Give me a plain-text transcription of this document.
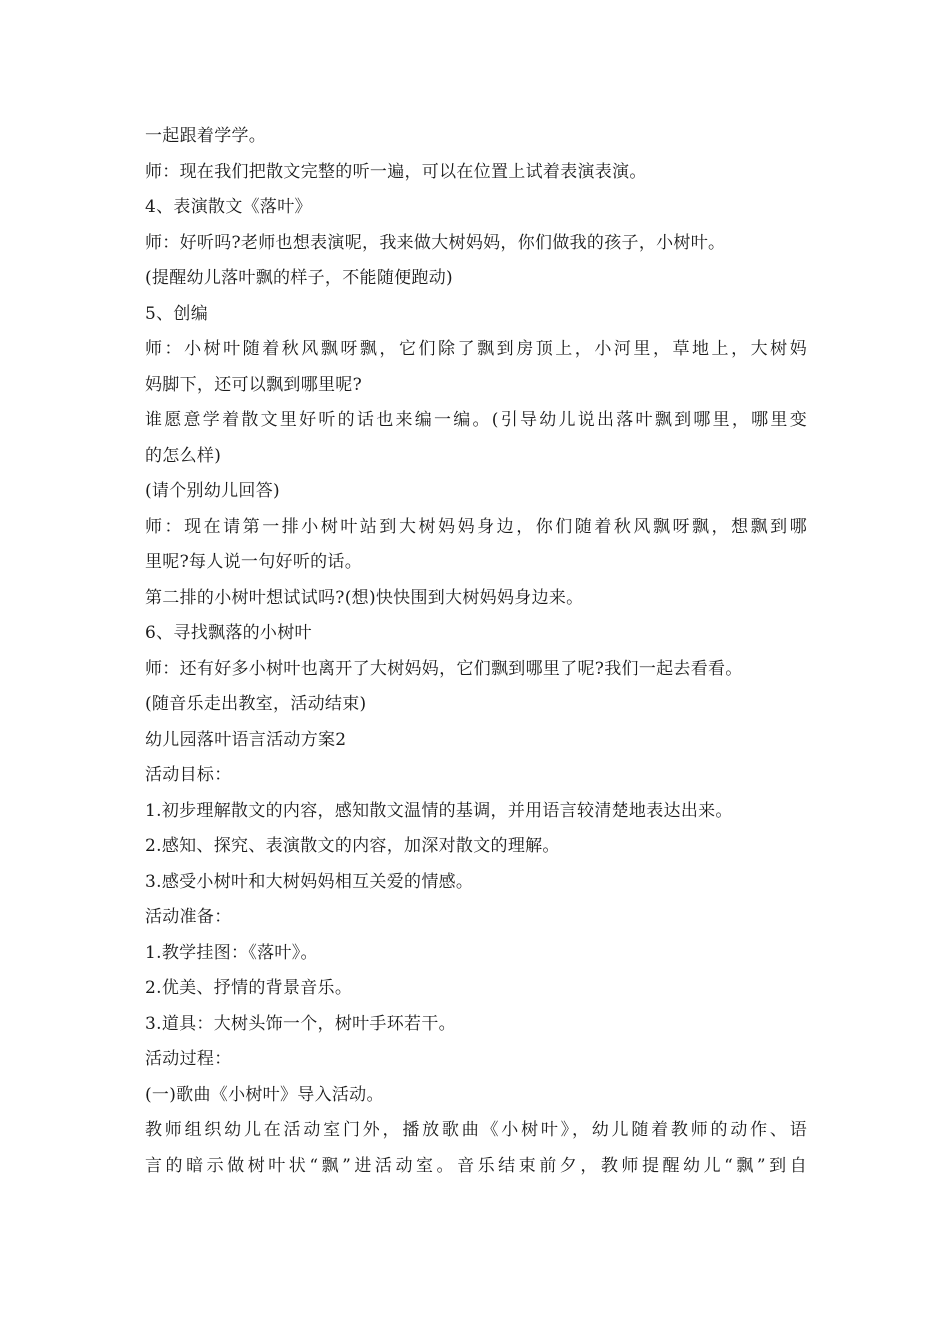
一起跟着学学。
师：现在我们把散文完整的听一遍，可以在位置上试着表演表演。
4、表演散文《落叶》
师：好听吗?老师也想表演呢，我来做大树妈妈，你们做我的孩子，小树叶。
(提醒幼儿落叶飘的样子，不能随便跑动)
5、创编
师：小树叶随着秋风飘呀飘，它们除了飘到房顶上，小河里，草地上，大树妈
妈脚下，还可以飘到哪里呢?
谁愿意学着散文里好听的话也来编一编。(引导幼儿说出落叶飘到哪里，哪里变
的怎么样)
(请个别幼儿回答)
师：现在请第一排小树叶站到大树妈妈身边，你们随着秋风飘呀飘，想飘到哪
里呢?每人说一句好听的话。
第二排的小树叶想试试吗?(想)快快围到大树妈妈身边来。
6、寻找飘落的小树叶
师：还有好多小树叶也离开了大树妈妈，它们飘到哪里了呢?我们一起去看看。
(随音乐走出教室，活动结束)
幼儿园落叶语言活动方案2
活动目标：
1.初步理解散文的内容，感知散文温情的基调，并用语言较清楚地表达出来。
2.感知、探究、表演散文的内容，加深对散文的理解。
3.感受小树叶和大树妈妈相互关爱的情感。
活动准备：
1.教学挂图：《落叶》。
2.优美、抒情的背景音乐。
3.道具：大树头饰一个，树叶手环若干。
活动过程：
(一)歌曲《小树叶》导入活动。
教师组织幼儿在活动室门外，播放歌曲《小树叶》，幼儿随着教师的动作、语
言的暗示做树叶状“飘”进活动室。音乐结束前夕，教师提醒幼儿“飘”到自
